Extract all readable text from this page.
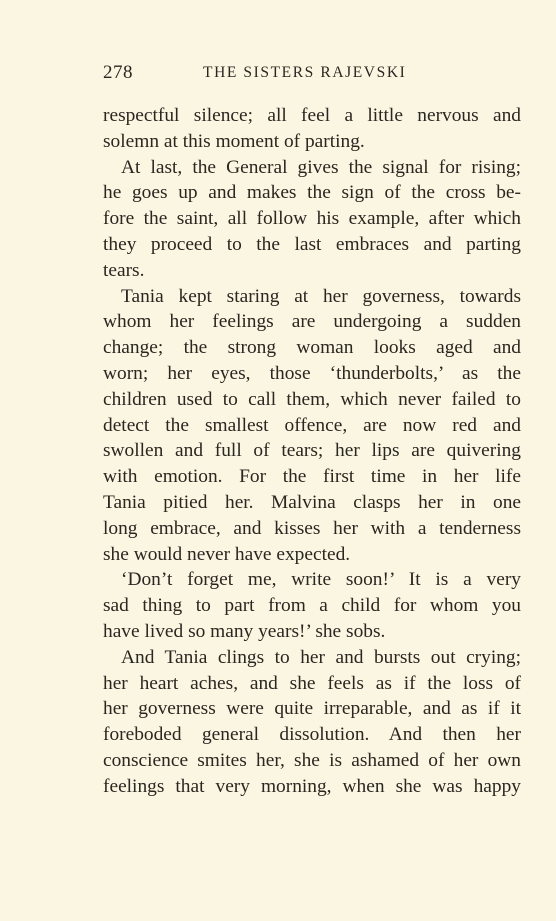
278	THE SISTERS RAJEVSKI
respectful silence; all feel a little nervous and
solemn at this moment of parting.
At last, the General gives the signal for rising;
he goes up and makes the sign of the cross be-
fore the saint, all follow his example, after which
they proceed to the last embraces and parting
tears.
Tania kept staring at her governess, towards
whom her feelings are undergoing a sudden
change; the strong woman looks aged and
worn; her eyes, those ‘thunderbolts,’ as the
children used to call them, which never failed to
detect the smallest offence, are now red and
swollen and full of tears; her lips are quivering
with emotion. For the first time in her life
Tania pitied her. Malvina clasps her in one
long embrace, and kisses her with a tenderness
she would never have expected.
‘Don’t forget me, write soon!’ It is a very
sad thing to part from a child for whom you
have lived so many years!’ she sobs.
And Tania clings to her and bursts out crying;
her heart aches, and she feels as if the loss of
her governess were quite irreparable, and as if it
foreboded general dissolution. And then her
conscience smites her, she is ashamed of her own
feelings that very morning, when she was happy
